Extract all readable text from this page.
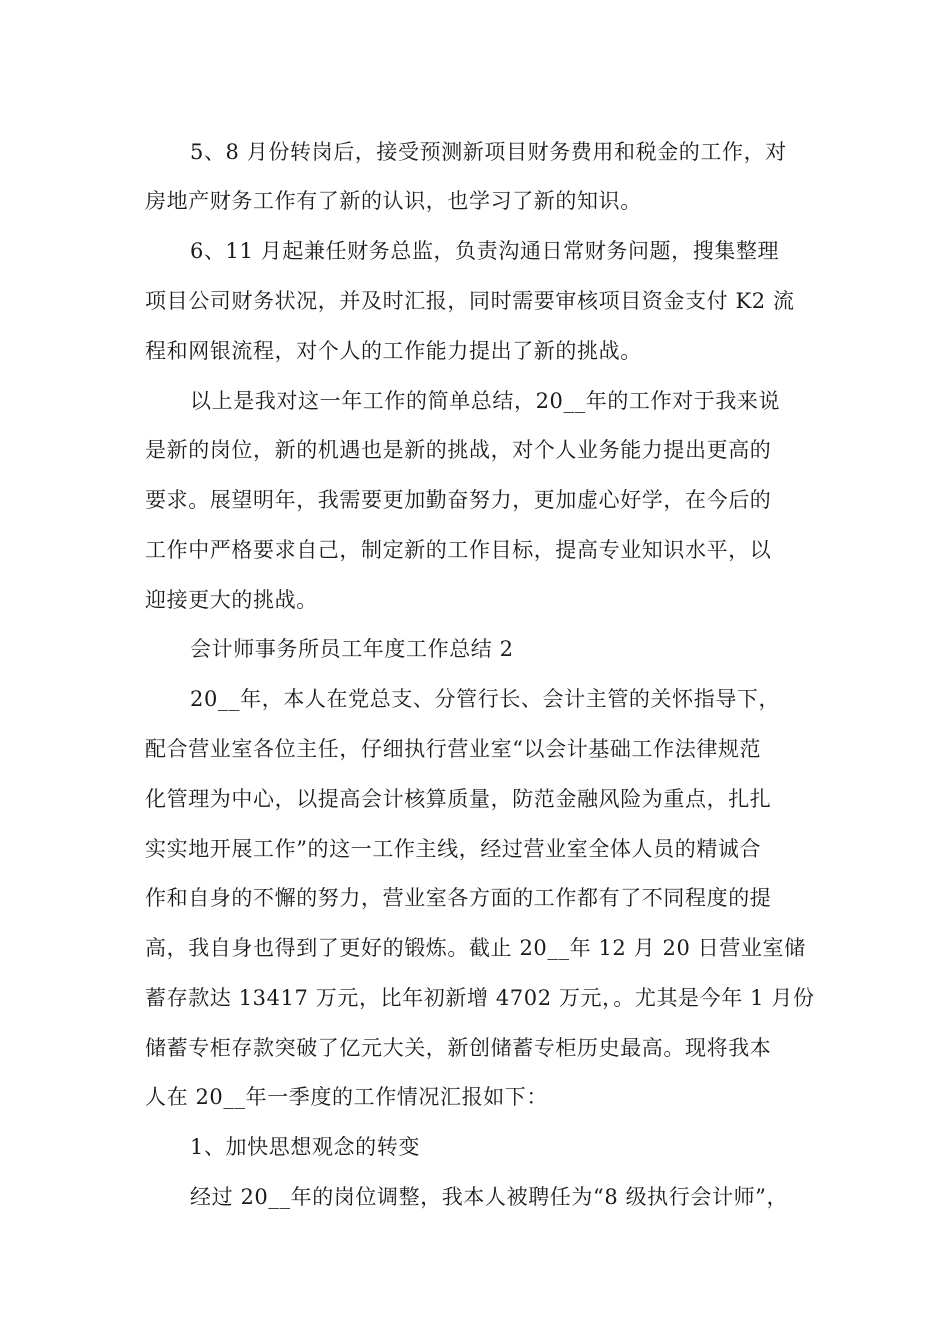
5、8 月份转岗后，接受预测新项目财务费用和税金的工作，对
房地产财务工作有了新的认识，也学习了新的知识。
6、11 月起兼任财务总监，负责沟通日常财务问题，搜集整理
项目公司财务状况，并及时汇报，同时需要审核项目资金支付 K2 流
程和网银流程，对个人的工作能力提出了新的挑战。
以上是我对这一年工作的简单总结，20__年的工作对于我来说
是新的岗位，新的机遇也是新的挑战，对个人业务能力提出更高的
要求。展望明年，我需要更加勤奋努力，更加虚心好学，在今后的
工作中严格要求自己，制定新的工作目标，提高专业知识水平，以
迎接更大的挑战。
会计师事务所员工年度工作总结 2
20__年，本人在党总支、分管行长、会计主管的关怀指导下，
配合营业室各位主任，仔细执行营业室“以会计基础工作法律规范
化管理为中心，以提高会计核算质量，防范金融风险为重点，扎扎
实实地开展工作”的这一工作主线，经过营业室全体人员的精诚合
作和自身的不懈的努力，营业室各方面的工作都有了不同程度的提
高，我自身也得到了更好的锻炼。截止 20__年 12 月 20 日营业室储
蓄存款达 13417 万元，比年初新增 4702 万元，。尤其是今年 1 月份
储蓄专柜存款突破了亿元大关，新创储蓄专柜历史最高。现将我本
人在 20__年一季度的工作情况汇报如下：
1、加快思想观念的转变
经过 20__年的岗位调整，我本人被聘任为“8 级执行会计师”，
